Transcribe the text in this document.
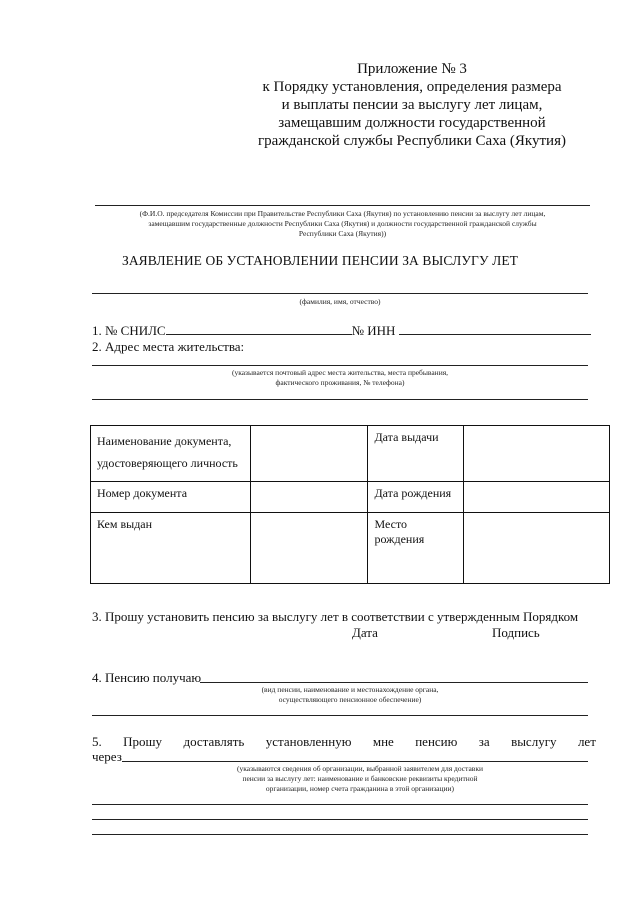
Приложение № 3
к Порядку установления, определения размера
и выплаты пенсии за выслугу лет лицам,
замещавшим должности государственной
гражданской службы Республики Саха (Якутия)
(Ф.И.О. председателя Комиссии при Правительстве Республики Саха (Якутия) по установлению пенсии за выслугу лет лицам,
замещавшим государственные должности Республики Саха (Якутия) и должности государственной гражданской службы
Республики Саха (Якутия))
ЗАЯВЛЕНИЕ ОБ УСТАНОВЛЕНИИ ПЕНСИИ ЗА ВЫСЛУГУ ЛЕТ
(фамилия, имя, отчество)
1. № СНИЛС	№ ИНН
2. Адрес места жительства:
(указывается почтовый адрес места жительства, места пребывания,
фактического проживания, № телефона)
Наименование документа,
удостоверяющего личность		Дата выдачи	
Номер документа		Дата рождения	
Кем выдан		Место рождения	
3. Прошу установить пенсию за выслугу лет в соответствии с утвержденным Порядком
Дата	Подпись
4. Пенсию получаю
(вид пенсии, наименование и местонахождение органа,
осуществляющего пенсионное обеспечение)
5. Прошу доставлять установленную мне пенсию за выслугу лет
через
(указываются сведения об организации, выбранной заявителем для доставки
пенсии за выслугу лет: наименование и банковские реквизиты кредитной
организации, номер счета гражданина в этой организации)
